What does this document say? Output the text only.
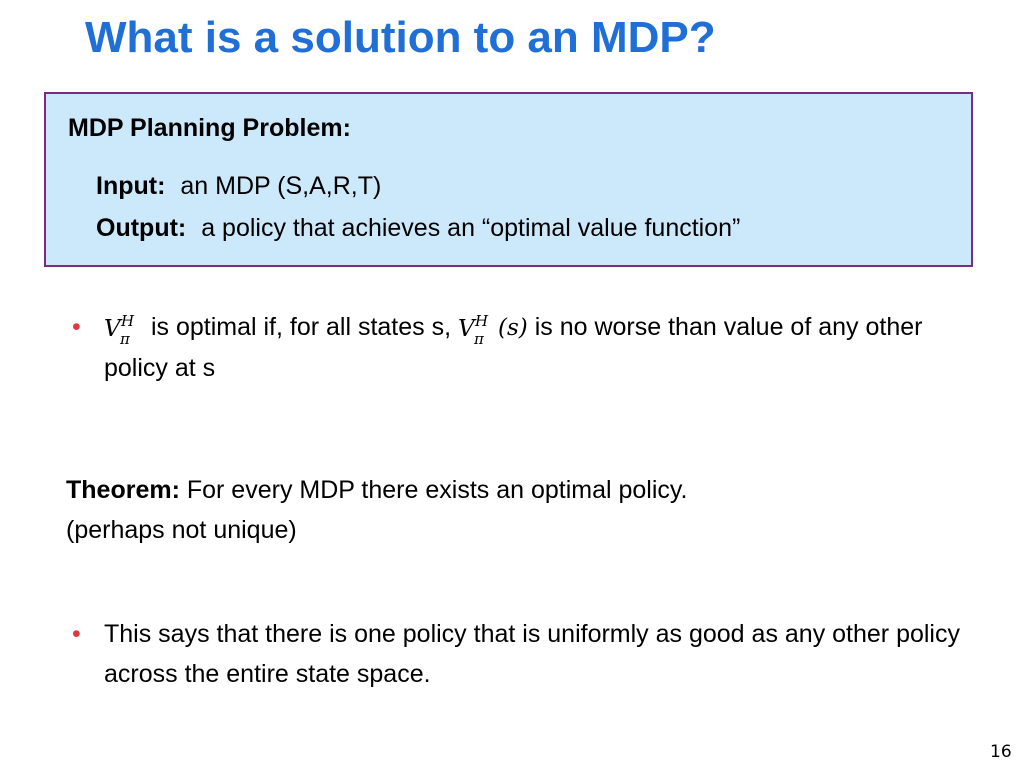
What is a solution to an MDP?
MDP Planning Problem:
Input: an MDP (S,A,R,T)
Output: a policy that achieves an “optimal value function”
• V H
π is optimal if, for all states s, V H
π (s) is no worse than value of any other policy at s
Theorem: For every MDP there exists an optimal policy.
(perhaps not unique)
• This says that there is one policy that is uniformly as good as any other policy across the entire state space.
16
